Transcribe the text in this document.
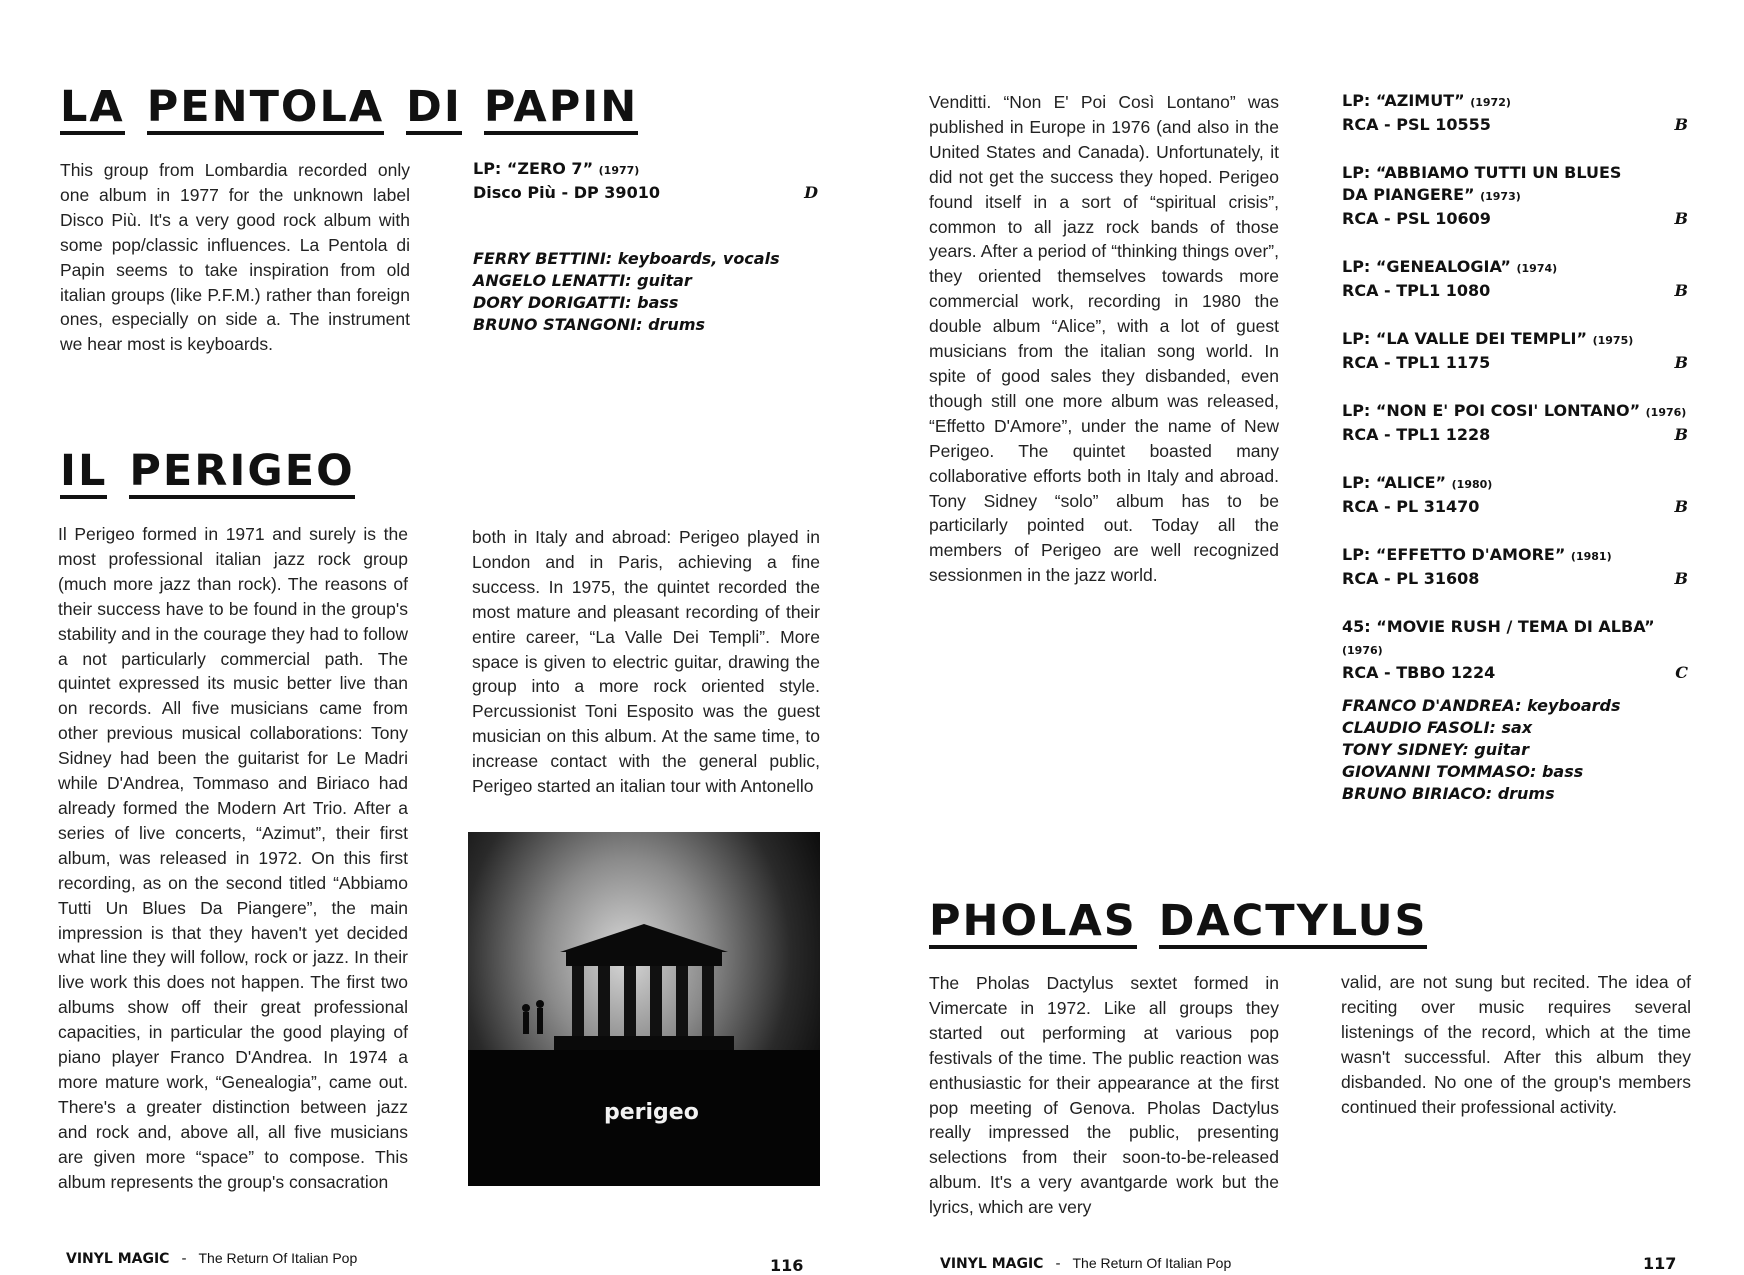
LA PENTOLA DI PAPIN

This group from Lombardia recorded only one album in 1977 for the unknown label Disco Più. It's a very good rock album with some pop/classic influences. La Pentola di Papin seems to take inspiration from old italian groups (like P.F.M.) rather than foreign ones, especially on side a. The instrument we hear most is keyboards.

LP: “ZERO 7” (1977)
Disco Più - DP 39010	D
FERRY BETTINI: keyboards, vocals
ANGELO LENATTI: guitar
DORY DORIGATTI: bass
BRUNO STANGONI: drums
IL PERIGEO

Il Perigeo formed in 1971 and surely is the most professional italian jazz rock group (much more jazz than rock). The reasons of their success have to be found in the group's stability and in the courage they had to follow a not particularly commercial path. The quintet expressed its music better live than on records. All five musicians came from other previous musical collaborations: Tony Sidney had been the guitarist for Le Madri while D'Andrea, Tommaso and Biriaco had already formed the Modern Art Trio. After a series of live concerts, “Azimut”, their first album, was released in 1972. On this first recording, as on the second titled “Abbiamo Tutti Un Blues Da Piangere”, the main impression is that they haven't yet decided what line they will follow, rock or jazz. In their live work this does not happen. The first two albums show off their great professional capacities, in particular the good playing of piano player Franco D'Andrea. In 1974 a more mature work, “Genealogia”, came out. There's a greater distinction between jazz and rock and, above all, all five musicians are given more “space” to compose. This album represents the group's consacration

both in Italy and abroad: Perigeo played in London and in Paris, achieving a fine success. In 1975, the quintet recorded the most mature and pleasant recording of their entire career, “La Valle Dei Templi”. More space is given to electric guitar, drawing the group into a more rock oriented style. Percussionist Toni Esposito was the guest musician on this album. At the same time, to increase contact with the general public, Perigeo started an italian tour with Antonello

perigeo
VINYL MAGIC - The Return Of Italian Pop	116

Venditti. “Non E' Poi Così Lontano” was published in Europe in 1976 (and also in the United States and Canada). Unfortunately, it did not get the success they hoped. Perigeo found itself in a sort of “spiritual crisis”, common to all jazz rock bands of those years. After a period of “thinking things over”, they oriented themselves towards more commercial work, recording in 1980 the double album “Alice”, with a lot of guest musicians from the italian song world. In spite of good sales they disbanded, even though still one more album was released, “Effetto D'Amore”, under the name of New Perigeo. The quintet boasted many collaborative efforts both in Italy and abroad. Tony Sidney “solo” album has to be particilarly pointed out. Today all the members of Perigeo are well recognized sessionmen in the jazz world.

LP: “AZIMUT” (1972)
RCA - PSL 10555	B
LP: “ABBIAMO TUTTI UN BLUES DA PIANGERE” (1973)
RCA - PSL 10609	B
LP: “GENEALOGIA” (1974)
RCA - TPL1 1080	B
LP: “LA VALLE DEI TEMPLI” (1975)
RCA - TPL1 1175	B
LP: “NON E' POI COSI' LONTANO” (1976)
RCA - TPL1 1228	B
LP: “ALICE” (1980)
RCA - PL 31470	B
LP: “EFFETTO D'AMORE” (1981)
RCA - PL 31608	B
45: “MOVIE RUSH / TEMA DI ALBA” (1976)
RCA - TBBO 1224	C
FRANCO D'ANDREA: keyboards
CLAUDIO FASOLI: sax
TONY SIDNEY: guitar
GIOVANNI TOMMASO: bass
BRUNO BIRIACO: drums
PHOLAS DACTYLUS

The Pholas Dactylus sextet formed in Vimercate in 1972. Like all groups they started out performing at various pop festivals of the time. The public reaction was enthusiastic for their appearance at the first pop meeting of Genova. Pholas Dactylus really impressed the public, presenting selections from their soon-to-be-released album. It's a very avantgarde work but the lyrics, which are very

valid, are not sung but recited. The idea of reciting over music requires several listenings of the record, which at the time wasn't successful. After this album they disbanded. No one of the group's members continued their professional activity.

VINYL MAGIC - The Return Of Italian Pop	117
